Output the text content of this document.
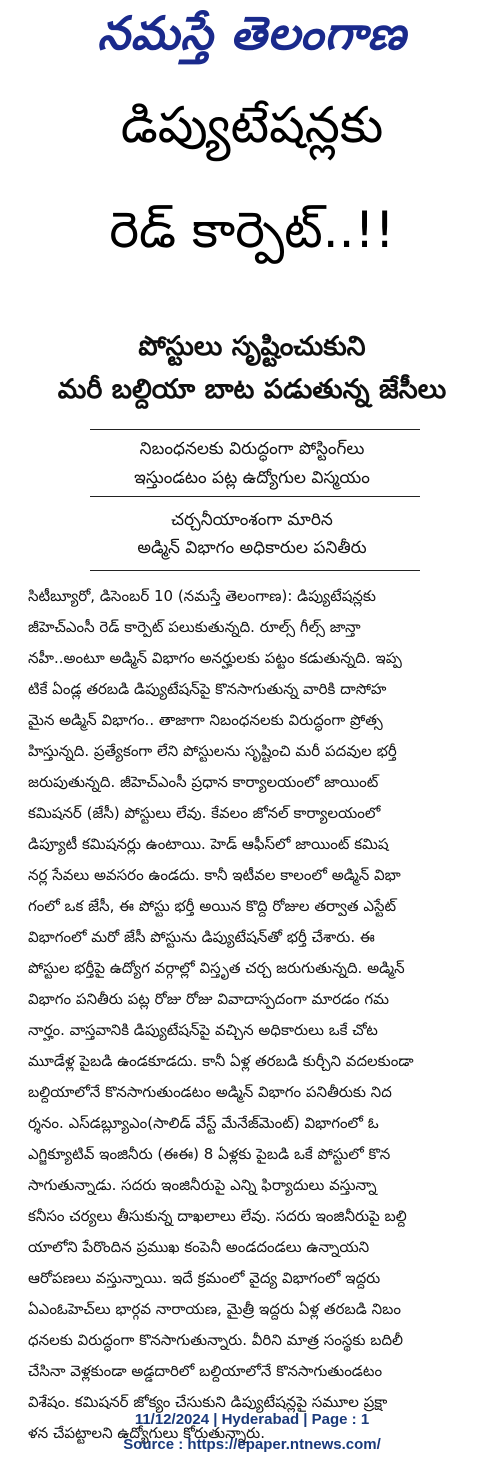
నమస్తే తెలంగాణ
డిప్యుటేషన్లకు
రెడ్ కార్పెట్..!!
పోస్టులు సృష్టించుకుని
మరీ బల్దియా బాట పడుతున్న జేసీలు
నిబంధనలకు విరుద్ధంగా పోస్టింగ్‌లు
ఇస్తుండటం పట్ల ఉద్యోగుల విస్మయం
చర్చనీయాంశంగా మారిన
అడ్మిన్ విభాగం అధికారుల పనితీరు
సిటీబ్యూరో, డిసెంబర్ 10 (నమస్తే తెలంగాణ): డిప్యుటేషన్లకు
జీహెచ్ఎంసీ రెడ్ కార్పెట్ పలుకుతున్నది. రూల్స్ గీల్స్ జాన్తా
నహీ..అంటూ అడ్మిన్ విభాగం అనర్హులకు పట్టం కడుతున్నది. ఇప్ప
టికే ఏండ్ల తరబడి డిప్యుటేషన్‌పై కొనసాగుతున్న వారికి దాసోహ
మైన అడ్మిన్ విభాగం.. తాజాగా నిబంధనలకు విరుద్ధంగా ప్రోత్స
హిస్తున్నది. ప్రత్యేకంగా లేని పోస్టులను సృష్టించి మరీ పదవుల భర్తీ
జరుపుతున్నది. జీహెచ్ఎంసీ ప్రధాన కార్యాలయంలో జాయింట్
కమిషనర్ (జేసీ) పోస్టులు లేవు. కేవలం జోనల్ కార్యాలయంలో
డిప్యూటీ కమిషనర్లు ఉంటాయి. హెడ్ ఆఫీస్‌లో జాయింట్ కమిష
నర్ల సేవలు అవసరం ఉండదు. కానీ ఇటీవల కాలంలో అడ్మిన్ విభా
గంలో ఒక జేసీ, ఈ పోస్టు భర్తీ అయిన కొద్ది రోజుల తర్వాత ఎస్టేట్
విభాగంలో మరో జేసీ పోస్టును డిప్యుటేషన్‌తో భర్తీ చేశారు. ఈ
పోస్టుల భర్తీపై ఉద్యోగ వర్గాల్లో విస్తృత చర్చ జరుగుతున్నది. అడ్మిన్
విభాగం పనితీరు పట్ల రోజు రోజు వివాదాస్పదంగా మారడం గమ
నార్హం. వాస్తవానికి డిప్యుటేషన్‌పై వచ్చిన అధికారులు ఒకే చోట
మూడేళ్ల పైబడి ఉండకూడదు. కానీ ఏళ్ల తరబడి కుర్చీని వదలకుండా
బల్దియాలోనే కొనసాగుతుండటం అడ్మిన్ విభాగం పనితీరుకు నిద
ర్శనం. ఎస్‌డబ్ల్యూఎం(సాలిడ్ వేస్ట్ మేనేజ్‌మెంట్) విభాగంలో ఓ
ఎగ్జిక్యూటివ్ ఇంజినీరు (ఈఈ) 8 ఏళ్లకు పైబడి ఒకే పోస్టులో కొన
సాగుతున్నాడు. సదరు ఇంజినీరుపై ఎన్ని ఫిర్యాదులు వస్తున్నా
కనీసం చర్యలు తీసుకున్న దాఖలాలు లేవు. సదరు ఇంజినీరుపై బల్ది
యాలోని పేరొందిన ప్రముఖ కంపెనీ అండదండలు ఉన్నాయని
ఆరోపణలు వస్తున్నాయి. ఇదే క్రమంలో వైద్య విభాగంలో ఇద్దరు
ఏఎంఓహెచ్‌లు భార్గవ నారాయణ, మైత్రీ ఇద్దరు ఏళ్ల తరబడి నిబం
ధనలకు విరుద్ధంగా కొనసాగుతున్నారు. వీరిని మాత్ర సంస్థకు బదిలీ
చేసినా వెళ్లకుండా అడ్డదారిలో బల్దియాలోనే కొనసాగుతుండటం
విశేషం. కమిషనర్ జోక్యం చేసుకుని డిప్యుటేషన్లపై సమూల ప్రక్షా
ళన చేపట్టాలని ఉద్యోగులు కోరుతున్నారు.
11/12/2024 | Hyderabad | Page : 1
Source : https://epaper.ntnews.com/
